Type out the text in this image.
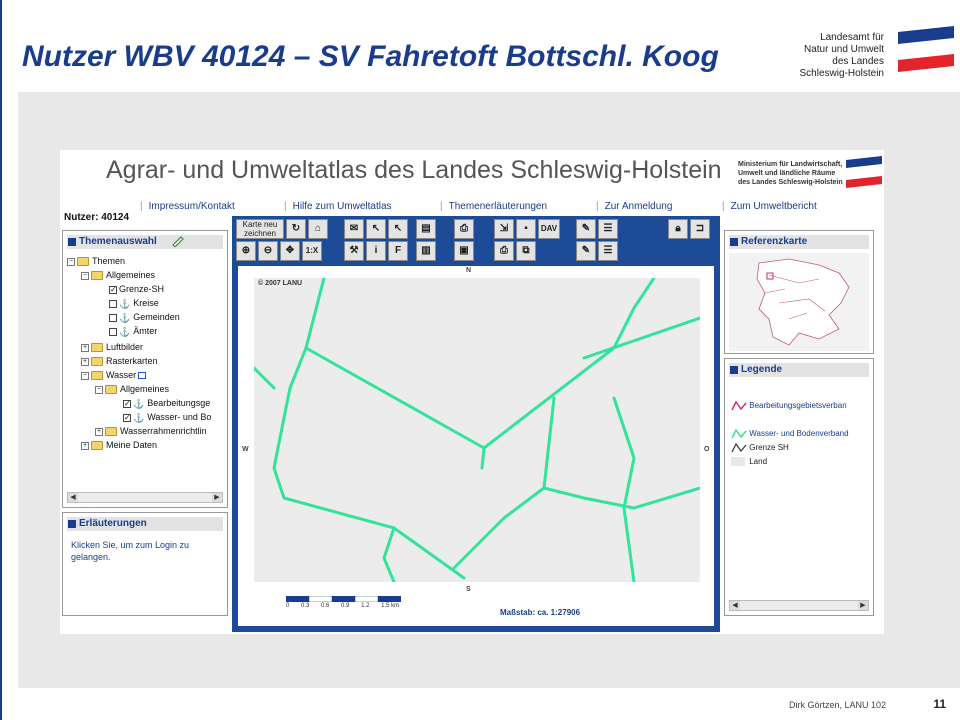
Nutzer WBV 40124 – SV Fahretoft Bottschl. Koog
Landesamt für
Natur und Umwelt
des Landes
Schleswig-Holstein
Agrar- und Umweltatlas des Landes Schleswig-Holstein Ministerium für Landwirtschaft,
Umwelt und ländliche Räume
des Landes Schleswig-Holstein
| Impressum/Kontakt	| Hilfe zum Umweltatlas	| Themenerläuterungen	| Zur Anmeldung	| Zum Umweltbericht
Nutzer: 40124
Themenauswahl
− Themen
− Allgemeines
✓ Grenze-SH
⚓ Kreise
⚓ Gemeinden
⚓ Ämter
+ Luftbilder
+ Rasterkarten
− Wasser
− Allgemeines
✓ ⚓ Bearbeitungsge
✓ ⚓ Wasser- und Bo
+ Wasserrahmenrichtlin
+ Meine Daten
◀	▶
Erläuterungen
Klicken Sie, um zum Login zu gelangen.
Karte neu zeichnen	↻	⌂
⊕	⊖	✥	1:X
✉	↖	↖	▤
⚒	i	F	▥
⎙
▣
⇲	▪	DAV
⎙	⧉
✎	☰
✎	☰
🔒︎	⊐
N
S
W	O
© 2007 LANU
0 0.3 0.6 0.9 1.2 1.5 km
Maßstab: ca. 1:27906
Referenzkarte
Legende
Bearbeitungsgebietsverban
Wasser- und Bodenverband
Grenze SH
Land
◀	▶
Dirk Görtzen, LANU 102	11
